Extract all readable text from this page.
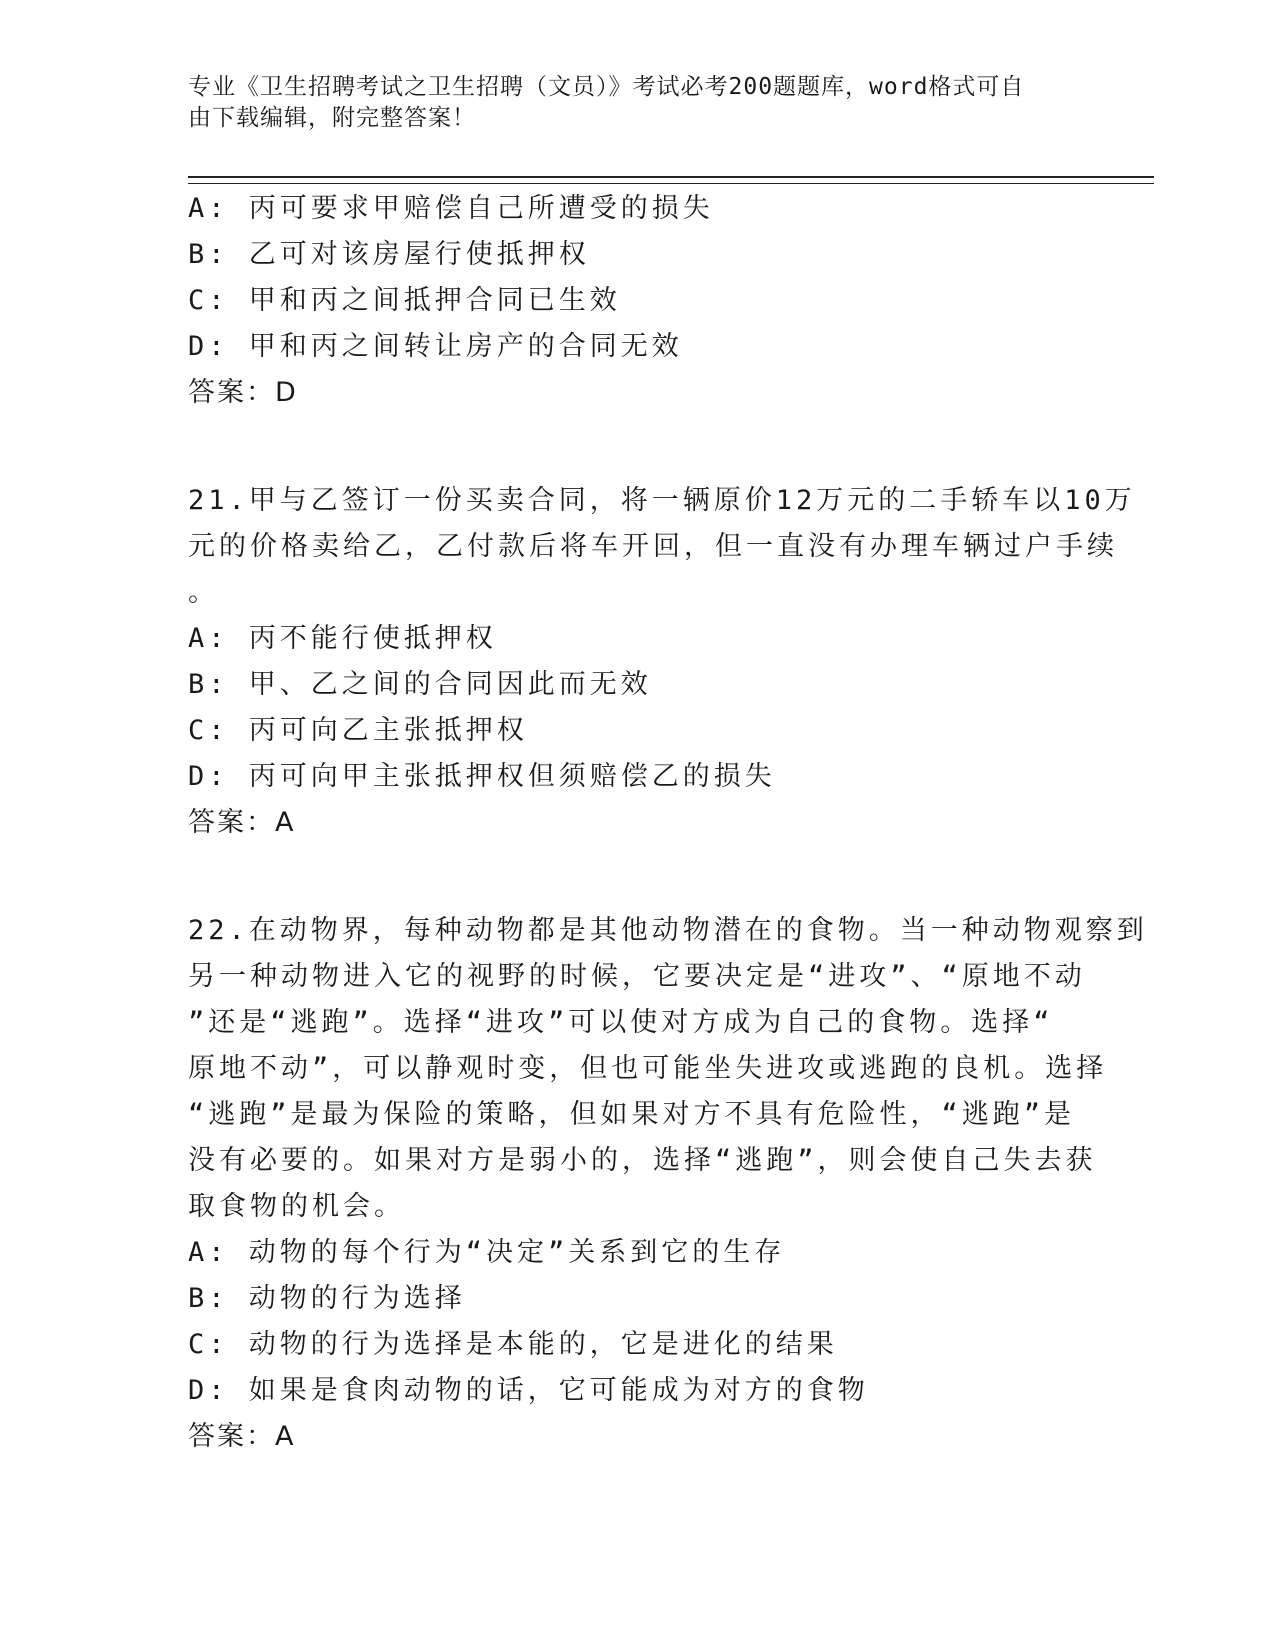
专业《卫生招聘考试之卫生招聘（文员）》考试必考200题题库，word格式可自
由下载编辑，附完整答案！
A: 丙可要求甲赔偿自己所遭受的损失
B: 乙可对该房屋行使抵押权
C: 甲和丙之间抵押合同已生效
D: 甲和丙之间转让房产的合同无效
答案：D
21.甲与乙签订一份买卖合同，将一辆原价12万元的二手轿车以10万
元的价格卖给乙，乙付款后将车开回，但一直没有办理车辆过户手续
。
A: 丙不能行使抵押权
B: 甲、乙之间的合同因此而无效
C: 丙可向乙主张抵押权
D: 丙可向甲主张抵押权但须赔偿乙的损失
答案：A
22.在动物界，每种动物都是其他动物潜在的食物。当一种动物观察到
另一种动物进入它的视野的时候，它要决定是“进攻”、“原地不动
”还是“逃跑”。选择“进攻”可以使对方成为自己的食物。选择“
原地不动”，可以静观时变，但也可能坐失进攻或逃跑的良机。选择
“逃跑”是最为保险的策略，但如果对方不具有危险性，“逃跑”是
没有必要的。如果对方是弱小的，选择“逃跑”，则会使自己失去获
取食物的机会。
A: 动物的每个行为“决定”关系到它的生存
B: 动物的行为选择
C: 动物的行为选择是本能的，它是进化的结果
D: 如果是食肉动物的话，它可能成为对方的食物
答案：A
